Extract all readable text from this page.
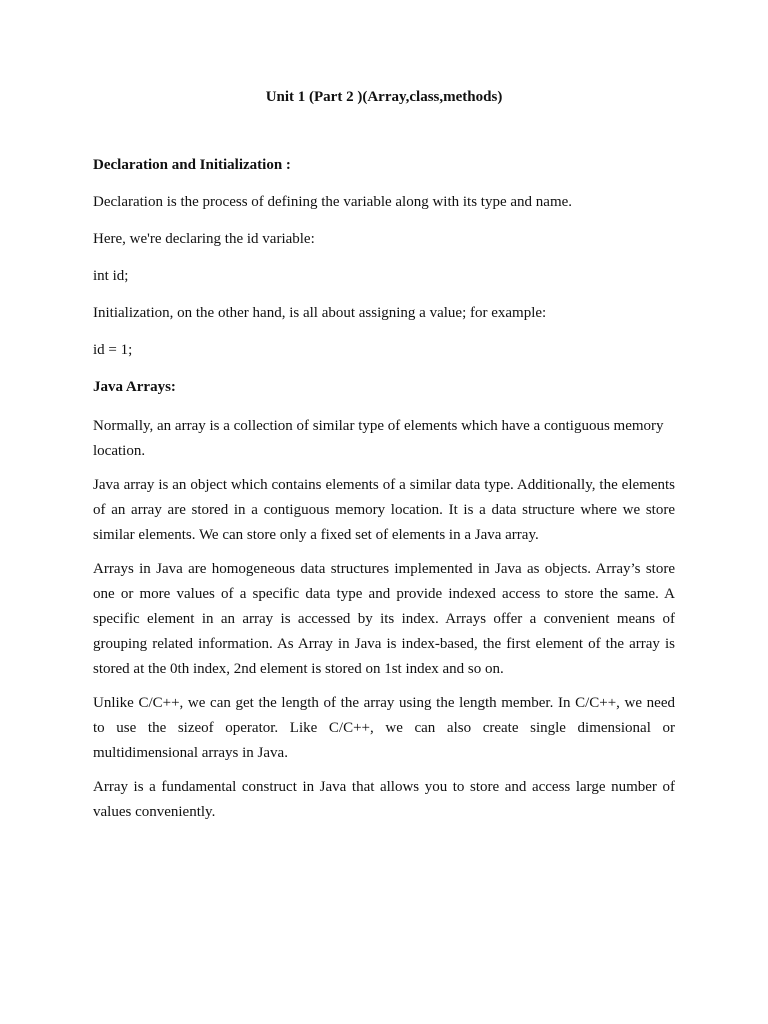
Unit 1 (Part 2 )(Array,class,methods)

Declaration and Initialization :

Declaration is the process of defining the variable along with its type and name.

Here, we're declaring the id variable:

int id;

Initialization, on the other hand, is all about assigning a value; for example:

id = 1;

Java Arrays:

Normally, an array is a collection of similar type of elements which have a contiguous memory location.

Java array is an object which contains elements of a similar data type. Additionally, the elements of an array are stored in a contiguous memory location. It is a data structure where we store similar elements. We can store only a fixed set of elements in a Java array.

Arrays in Java are homogeneous data structures implemented in Java as objects. Array’s store one or more values of a specific data type and provide indexed access to store the same. A specific element in an array is accessed by its index. Arrays offer a convenient means of grouping related information. As Array in Java is index-based, the first element of the array is stored at the 0th index, 2nd element is stored on 1st index and so on.

Unlike C/C++, we can get the length of the array using the length member. In C/C++, we need to use the sizeof operator. Like C/C++, we can also create single dimensional or multidimensional arrays in Java.

Array is a fundamental construct in Java that allows you to store and access large number of values conveniently.
